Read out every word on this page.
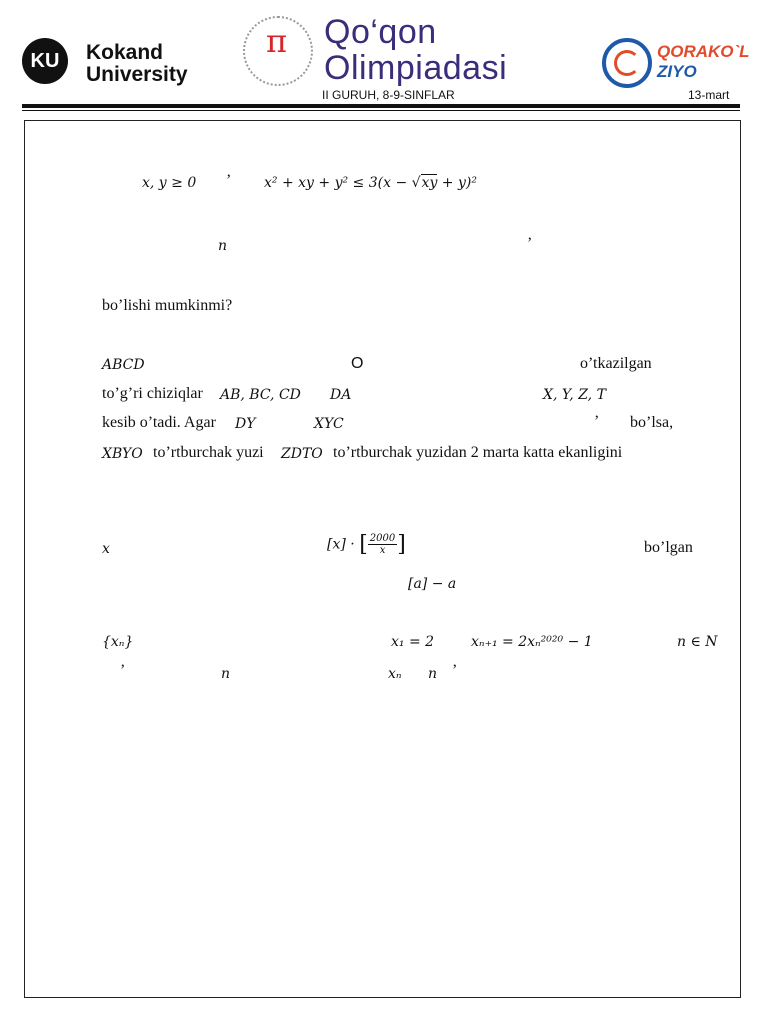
KU	Kokand University
π Qo‘qon
Olimpiadasi
II GURUH, 8-9-SINFLAR
QORAKO`L
ZIYO
13-mart
x, y ≥ 0 ’ x² + xy + y² ≤ 3(x − √xy + y)²
n	’
bo’lishi mumkinmi?
ABCD	O	o’tkazilgan
to’g’ri chiziqlar AB, BC, CD DA	X, Y, Z, T
kesib o’tadi. Agar DY	XYC	’ bo’lsa,
XBYO to’rtburchak yuzi ZDTO to’rtburchak yuzidan 2 marta katta ekanligini
x	[x] · [ $\frac{2000}{x}$ ]	bo’lgan
[a] − a
{xₙ}	x₁ = 2	xₙ₊₁ = 2xₙ²⁰²⁰ − 1	n ∈ N
’	n	xₙ n ’
